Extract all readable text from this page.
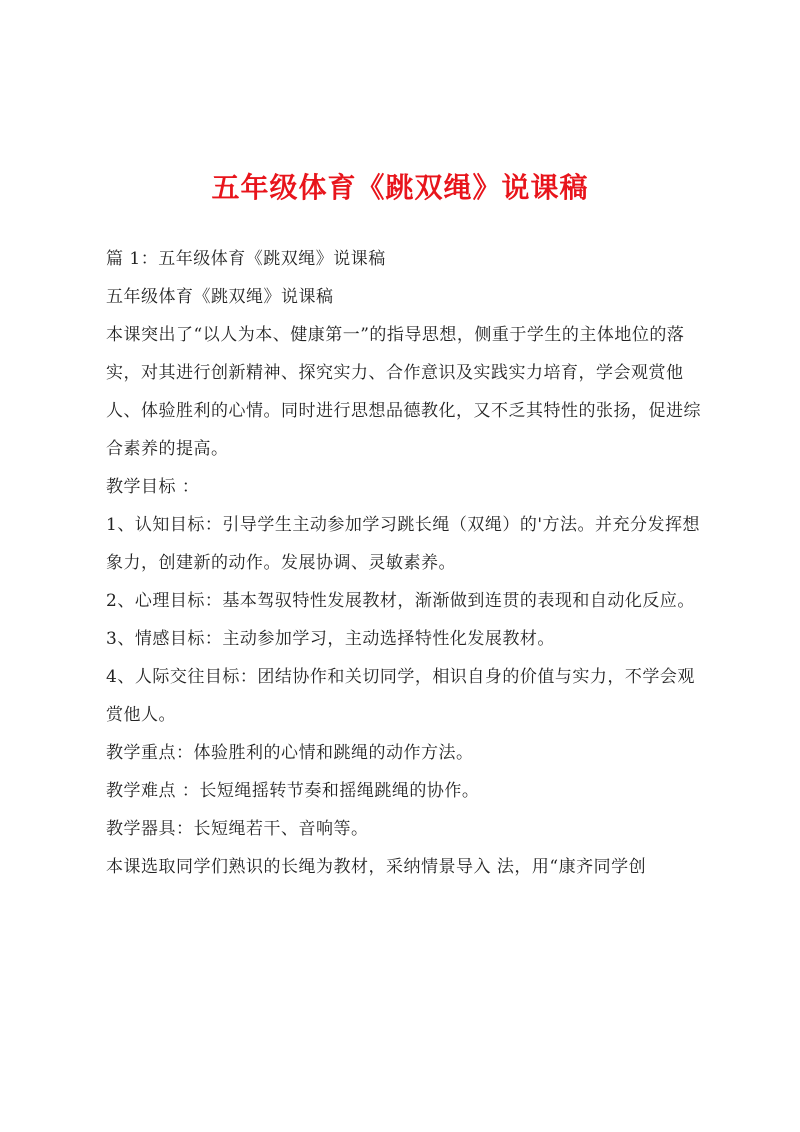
五年级体育《跳双绳》说课稿

篇 1：五年级体育《跳双绳》说课稿

五年级体育《跳双绳》说课稿

本课突出了“以人为本、健康第一”的指导思想，侧重于学生的主体地位的落实，对其进行创新精神、探究实力、合作意识及实践实力培育，学会观赏他人、体验胜利的心情。同时进行思想品德教化，又不乏其特性的张扬，促进综合素养的提高。

教学目标 ：

1、认知目标：引导学生主动参加学习跳长绳（双绳）的'方法。并充分发挥想象力，创建新的动作。发展协调、灵敏素养。

2、心理目标：基本驾驭特性发展教材，渐渐做到连贯的表现和自动化反应。

3、情感目标：主动参加学习，主动选择特性化发展教材。

4、人际交往目标：团结协作和关切同学，相识自身的价值与实力，不学会观赏他人。

教学重点：体验胜利的心情和跳绳的动作方法。

教学难点 ：长短绳摇转节奏和摇绳跳绳的协作。

教学器具：长短绳若干、音响等。

本课选取同学们熟识的长绳为教材，采纳情景导入 法，用“康齐同学创
